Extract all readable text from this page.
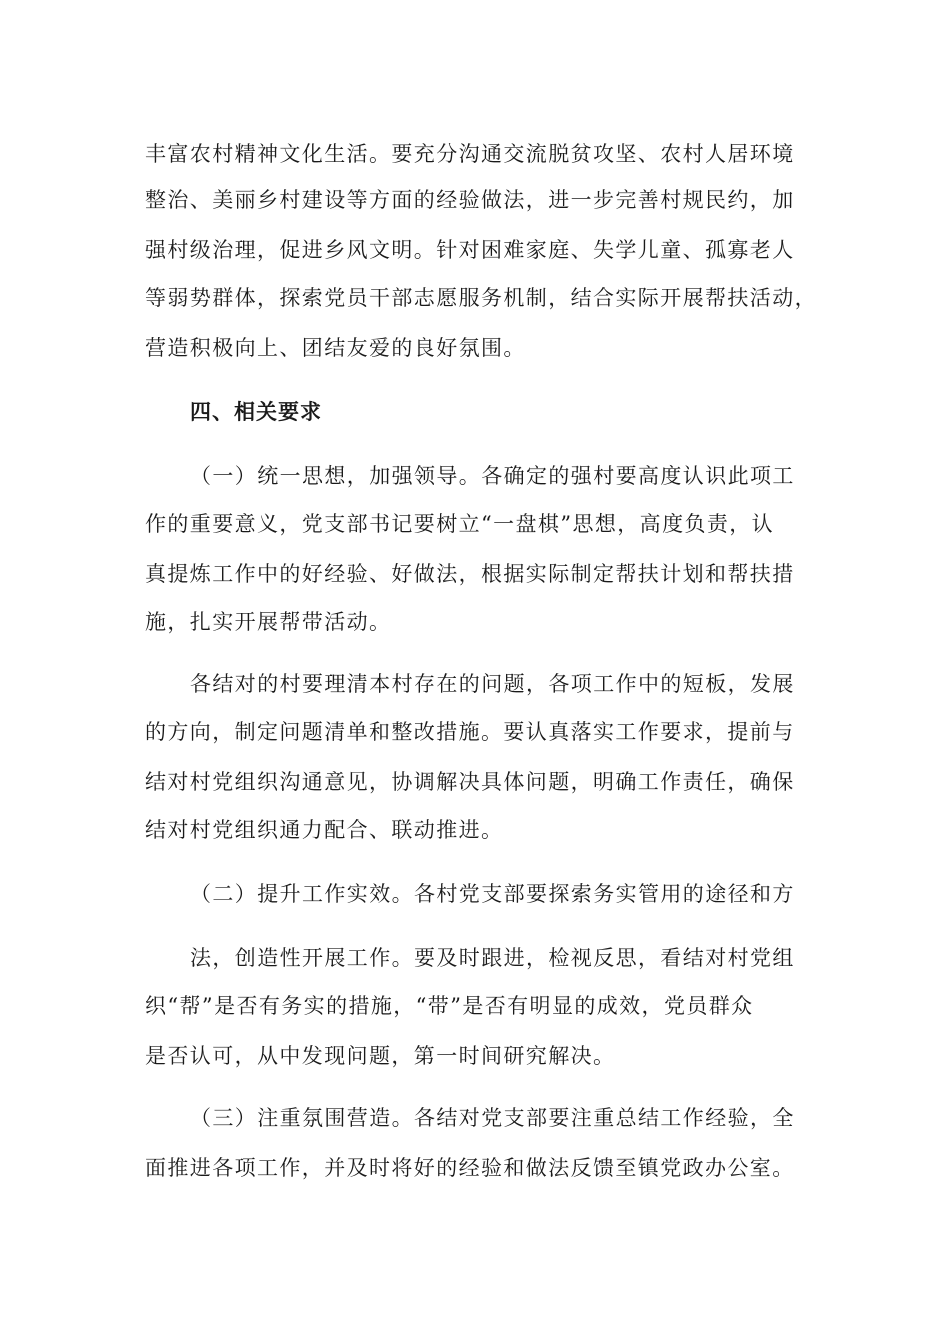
丰富农村精神文化生活。要充分沟通交流脱贫攻坚、农村人居环境
整治、美丽乡村建设等方面的经验做法，进一步完善村规民约，加
强村级治理，促进乡风文明。针对困难家庭、失学儿童、孤寡老人
等弱势群体，探索党员干部志愿服务机制，结合实际开展帮扶活动，
营造积极向上、团结友爱的良好氛围。
四、相关要求
（一）统一思想，加强领导。各确定的强村要高度认识此项工
作的重要意义，党支部书记要树立“一盘棋”思想，高度负责，认
真提炼工作中的好经验、好做法，根据实际制定帮扶计划和帮扶措
施，扎实开展帮带活动。
各结对的村要理清本村存在的问题，各项工作中的短板，发展
的方向，制定问题清单和整改措施。要认真落实工作要求，提前与
结对村党组织沟通意见，协调解决具体问题，明确工作责任，确保
结对村党组织通力配合、联动推进。
（二）提升工作实效。各村党支部要探索务实管用的途径和方
法，创造性开展工作。要及时跟进，检视反思，看结对村党组
织“帮”是否有务实的措施，“带”是否有明显的成效，党员群众
是否认可，从中发现问题，第一时间研究解决。
（三）注重氛围营造。各结对党支部要注重总结工作经验，全
面推进各项工作，并及时将好的经验和做法反馈至镇党政办公室。
